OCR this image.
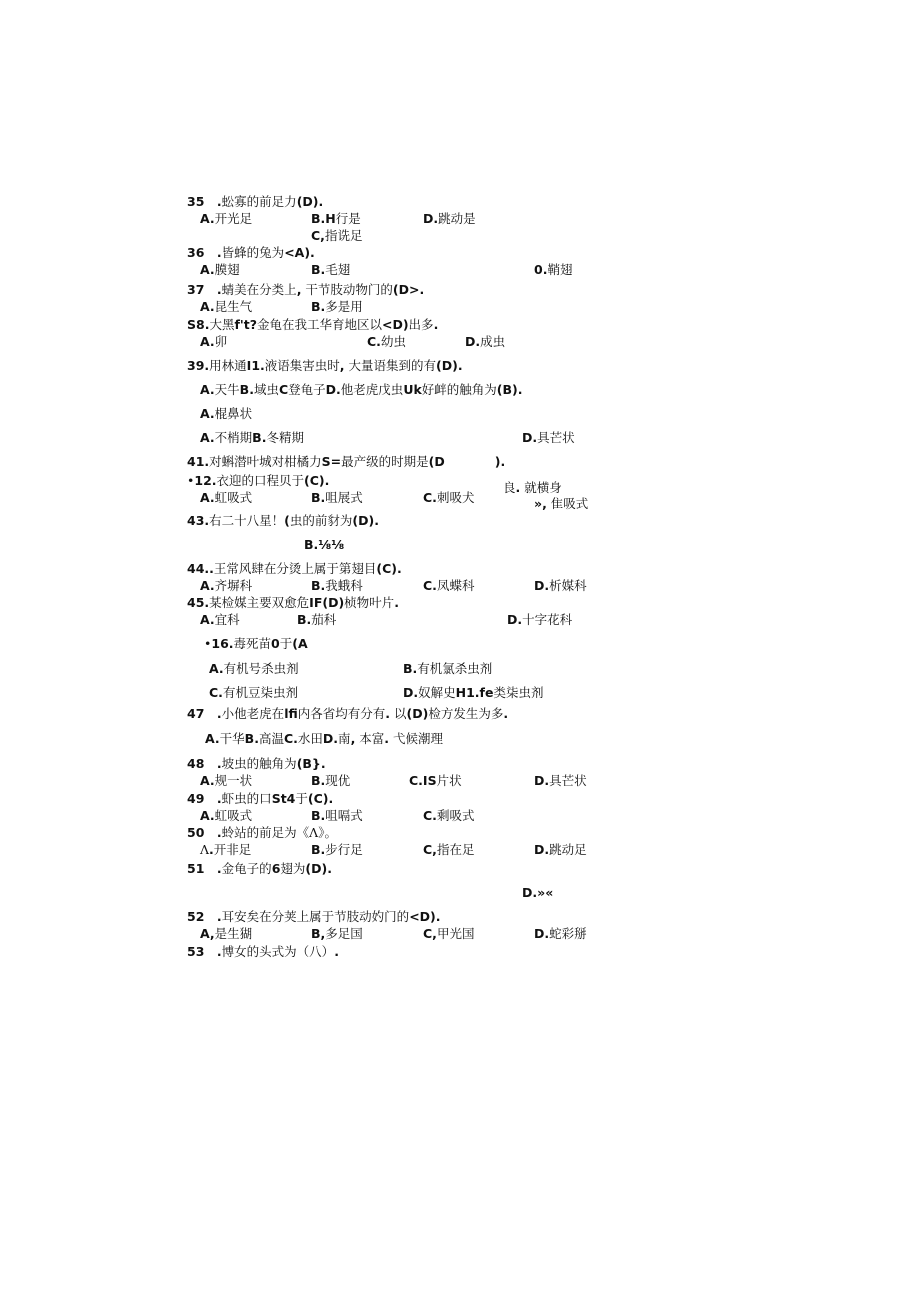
35　 .蚣寡的前足力(D).
A.开光足	B.H行是	D.跳动是
C,指诜足
36　 .皆蜂的兔为<A).
A.膜翅	B.毛翅	0.鞘翅
37　 .蜻美在分类上, 干节肢动物门的(D>.
A.昆生气	B.多是用
S8.大黑f't?金龟在我工华育地区以<D)出多.
A.卯	C.幼虫	D.成虫
39.用林通I1.液语集害虫时, 大量语集到的有(D).
A.天牛B.域虫C登龟子D.他老虎戊虫Uk好衅的触角为(B).
A.棍鼻状
A.不梢期B.冬精期	D.具芒状
41.对蝌潜叶城对柑橘力S=最产级的时期是(D　　　　	).
•12.衣迎的口程贝于(C).	良. 就横身
A.虹吸式	B.咀展式	C.刺吸犬	», 隹吸式
43.右二十八星！(虫的前豺为(D).
B.⅛⅛
44..王常风肆在分烫上属于第翅目(C).
A.齐塀科	B.我蛾科	C.凤蝶科	D.析媒科
45.某检媒主要双愈危IF(D)桢物叶片.
A.宜科	B.茄科	D.十字花科
•16.毒死苗0于(A
A.有机号杀虫剂	B.有机氯杀虫剂
C.有机豆柒虫剂	D.奴解史H1.fe类柒虫剂
47　 .小他老虎在lfi内各省均有分有. 以(D)检方发生为多.
A.干华B.高温C.水田D.南, 本富. 弋候潮理
48　 .坡虫的触角为(B}.
A.规一状	B.现优	C.IS片状	D.具芒状
49　 .虾虫的口St4于(C).
A.虹吸式	B.咀嗝式	C.剩吸式
50　 .蛉站的前足为《Λ》。
Λ.开非足	B.步行足	C,指在足	D.跳动足
51　 .金龟子的6翅为(D).
D.»«
52　 .耳安矣在分荚上属于节肢动妁门的<D).
A,是生猢	B,多足国	C,甲光国	D.蛇彩掰
53　 .博女的头式为（八）.
